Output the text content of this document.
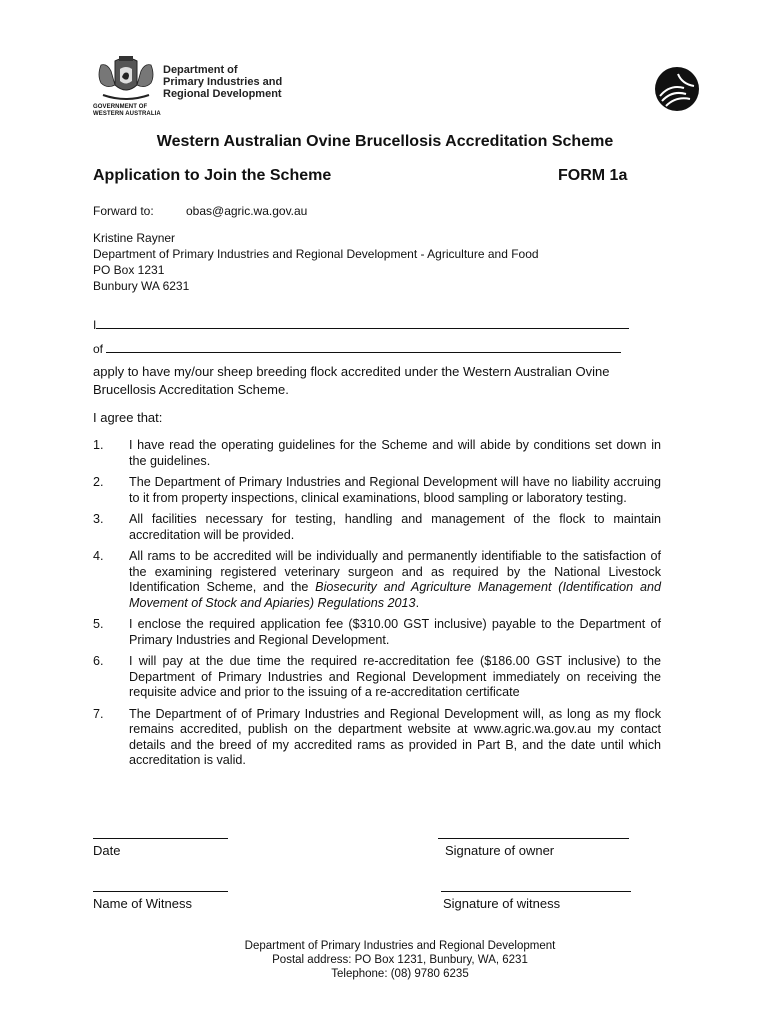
GOVERNMENT OF
WESTERN AUSTRALIA
Department of
Primary Industries and
Regional Development
Western Australian Ovine Brucellosis Accreditation Scheme
Application to Join the Scheme	FORM 1a
Forward to:	obas@agric.wa.gov.au
Kristine Rayner
Department of Primary Industries and Regional Development - Agriculture and Food
PO Box 1231
Bunbury WA 6231
I
of
apply to have my/our sheep breeding flock accredited under the Western Australian Ovine Brucellosis Accreditation Scheme.
I agree that:
1. I have read the operating guidelines for the Scheme and will abide by conditions set down in the guidelines.
2. The Department of Primary Industries and Regional Development will have no liability accruing to it from property inspections, clinical examinations, blood sampling or laboratory testing.
3. All facilities necessary for testing, handling and management of the flock to maintain accreditation will be provided.
4. All rams to be accredited will be individually and permanently identifiable to the satisfaction of the examining registered veterinary surgeon and as required by the National Livestock Identification Scheme, and the Biosecurity and Agriculture Management (Identification and Movement of Stock and Apiaries) Regulations 2013.
5. I enclose the required application fee ($310.00 GST inclusive) payable to the Department of Primary Industries and Regional Development.
6. I will pay at the due time the required re-accreditation fee ($186.00 GST inclusive) to the Department of Primary Industries and Regional Development immediately on receiving the requisite advice and prior to the issuing of a re-accreditation certificate
7. The Department of of Primary Industries and Regional Development will, as long as my flock remains accredited, publish on the department website at www.agric.wa.gov.au my contact details and the breed of my accredited rams as provided in Part B, and the date until which accreditation is valid.
Date	Signature of owner
Name of Witness	Signature of witness
Department of Primary Industries and Regional Development
Postal address: PO Box 1231, Bunbury, WA, 6231
Telephone: (08) 9780 6235
